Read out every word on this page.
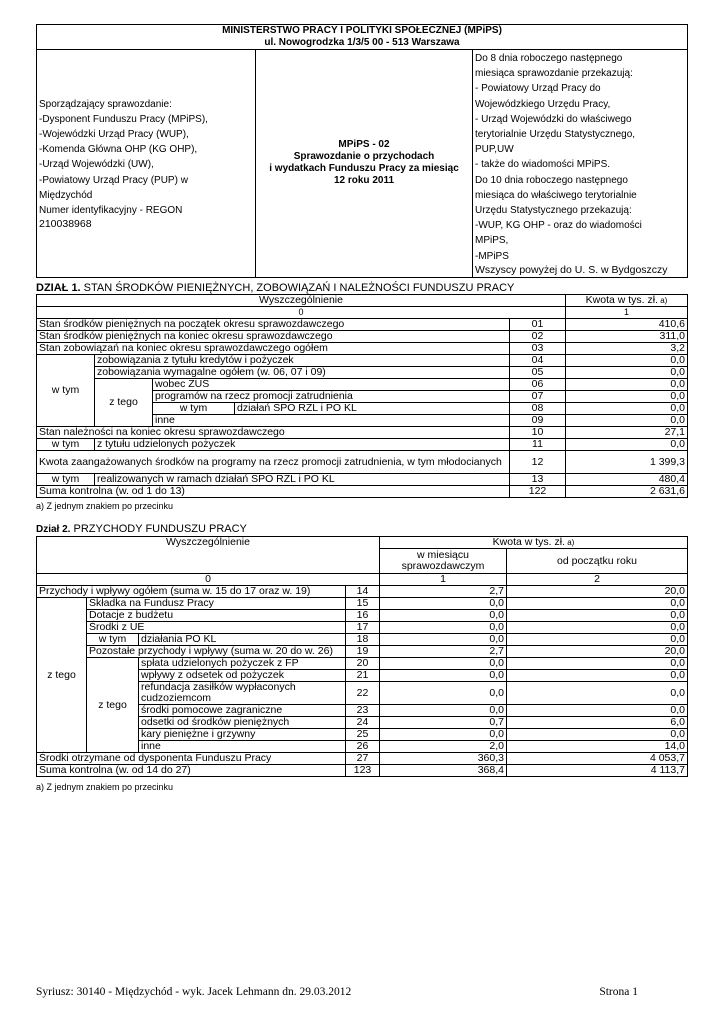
MINISTERSTWO PRACY I POLITYKI SPOŁECZNEJ (MPiPS)
ul. Nowogrodzka 1/3/5 00 - 513 Warszawa

Sporządzający sprawozdanie:
-Dysponent Funduszu Pracy (MPiPS),
-Wojewódzki Urząd Pracy (WUP),
-Komenda Główna OHP (KG OHP),
-Urząd Wojewódzki (UW),
-Powiatowy Urząd Pracy (PUP) w
Międzychód
Numer identyfikacyjny - REGON
210038968

MPiPS - 02
Sprawozdanie o przychodach
i wydatkach Funduszu Pracy za miesiąc
12 roku 2011

Do 8 dnia roboczego następnego
miesiąca sprawozdanie przekazują:
- Powiatowy Urząd Pracy do
Wojewódzkiego Urzędu Pracy,
- Urząd Wojewódzki do właściwego
terytorialnie Urzędu Statystycznego,
PUP,UW
- także do wiadomości MPiPS.
Do 10 dnia roboczego następnego
miesiąca do właściwego terytorialnie
Urzędu Statystycznego przekazują:
-WUP, KG OHP - oraz do wiadomości
MPiPS,
-MPiPS
Wszyscy powyżej do U. S. w Bydgoszczy
DZIAŁ 1. STAN ŚRODKÓW PIENIĘŻNYCH, ZOBOWIĄZAŃ I NALEŻNOŚCI FUNDUSZU PRACY
Wyszczególnienie					Kwota w tys. zł. a)
0					1
Stan środków pieniężnych na początek okresu sprawozdawczego				01	410,6
Stan środków pieniężnych na koniec okresu sprawozdawczego				02	311,0
Stan zobowiązań na koniec okresu sprawozdawczego ogółem				03	3,2
w tym	zobowiązania z tytułu kredytów i pożyczek			04	0,0
	zobowiązania wymagalne ogółem (w. 06, 07 i 09)			05	0,0
	z tego	wobec ZUS		06	0,0
		programów na rzecz promocji zatrudnienia		07	0,0
		w tym	działań SPO RZL i PO KL	08	0,0
		inne		09	0,0
Stan należności na koniec okresu sprawozdawczego				10	27,1
w tym	z tytułu udzielonych pożyczek			11	0,0
Kwota zaangażowanych środków na programy na rzecz promocji zatrudnienia, w tym młodocianych				12	1 399,3
w tym	realizowanych w ramach działań SPO RZL i PO KL			13	480,4
Suma kontrolna (w. od 1 do 13)				122	2 631,6
a) Z jednym znakiem po przecinku
Dział 2. PRZYCHODY FUNDUSZU PRACY
Wyszczególnienie				Kwota w tys. zł. a)	
				w miesiącu sprawozdawczym	od początku roku
0				1	2
Przychody i wpływy ogółem (suma w. 15 do 17 oraz w. 19)			14	2,7	20,0
z tego	Składka na Fundusz Pracy		15	0,0	0,0
	Dotacje z budżetu		16	0,0	0,0
	Środki z UE		17	0,0	0,0
	w tym	działania PO KL	18	0,0	0,0
	Pozostałe przychody i wpływy (suma w. 20 do w. 26)		19	2,7	20,0
	z tego	spłata udzielonych pożyczek z FP	20	0,0	0,0
		wpływy z odsetek od pożyczek	21	0,0	0,0
		refundacja zasiłków wypłaconych cudzoziemcom	22	0,0	0,0
		środki pomocowe zagraniczne	23	0,0	0,0
		odsetki od środków pieniężnych	24	0,7	6,0
		kary pieniężne i grzywny	25	0,0	0,0
		inne	26	2,0	14,0
Środki otrzymane od dysponenta Funduszu Pracy			27	360,3	4 053,7
Suma kontrolna (w. od 14 do 27)			123	368,4	4 113,7
a) Z jednym znakiem po przecinku
Syriusz: 30140 - Międzychód - wyk. Jacek Lehmann dn. 29.03.2012	Strona 1
